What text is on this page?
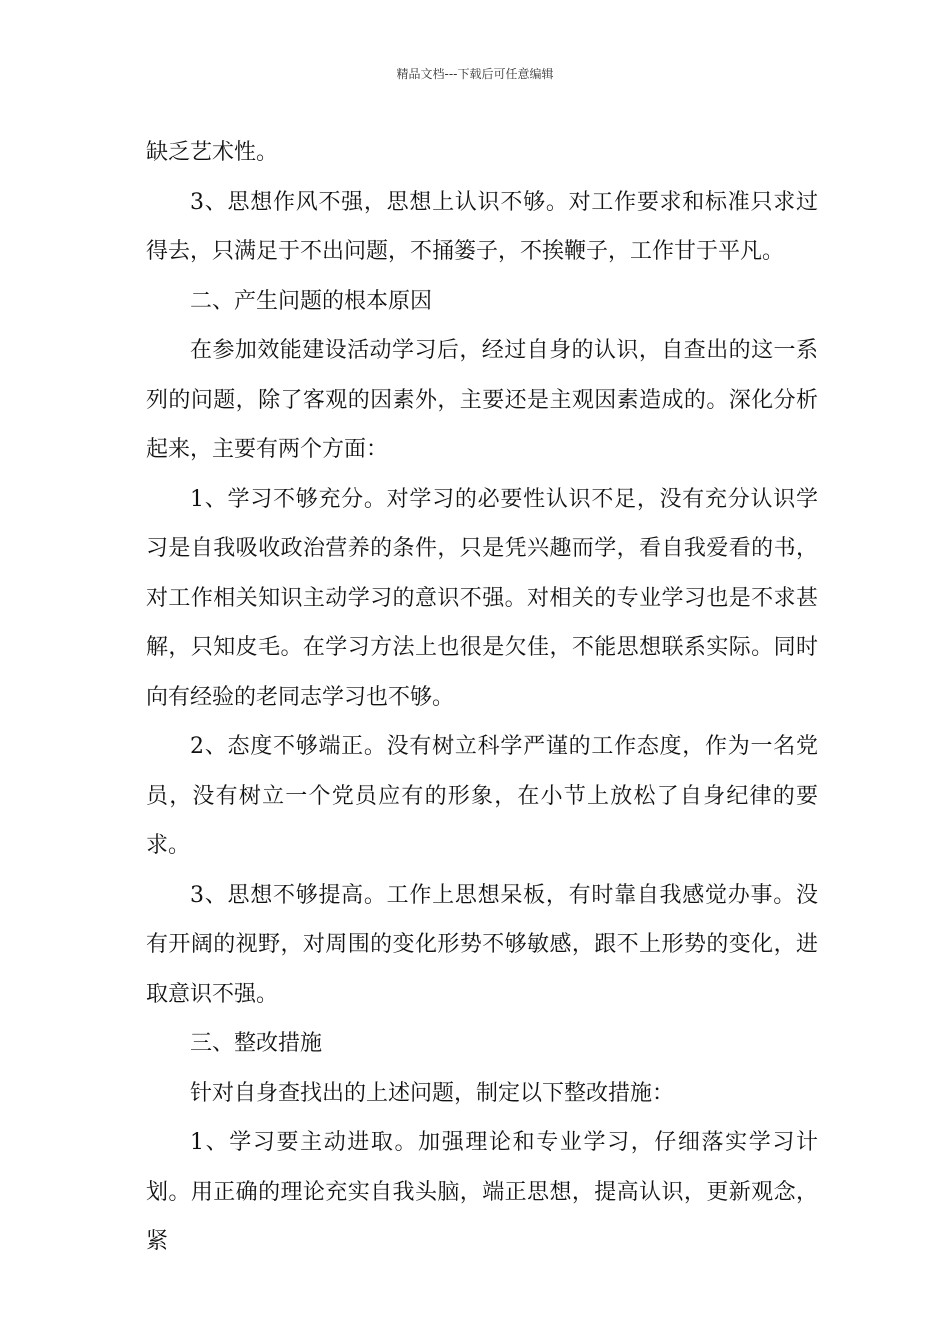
精品文档---下载后可任意编辑

缺乏艺术性。

3、思想作风不强，思想上认识不够。对工作要求和标准只求过得去，只满足于不出问题，不捅篓子，不挨鞭子，工作甘于平凡。

二、产生问题的根本原因

在参加效能建设活动学习后，经过自身的认识，自查出的这一系列的问题，除了客观的因素外，主要还是主观因素造成的。深化分析起来，主要有两个方面：

1、学习不够充分。对学习的必要性认识不足，没有充分认识学习是自我吸收政治营养的条件，只是凭兴趣而学，看自我爱看的书，对工作相关知识主动学习的意识不强。对相关的专业学习也是不求甚解，只知皮毛。在学习方法上也很是欠佳，不能思想联系实际。同时向有经验的老同志学习也不够。

2、态度不够端正。没有树立科学严谨的工作态度，作为一名党员，没有树立一个党员应有的形象，在小节上放松了自身纪律的要求。

3、思想不够提高。工作上思想呆板，有时靠自我感觉办事。没有开阔的视野，对周围的变化形势不够敏感，跟不上形势的变化，进取意识不强。

三、整改措施

针对自身查找出的上述问题，制定以下整改措施：

1、学习要主动进取。加强理论和专业学习，仔细落实学习计划。用正确的理论充实自我头脑，端正思想，提高认识，更新观念，紧
